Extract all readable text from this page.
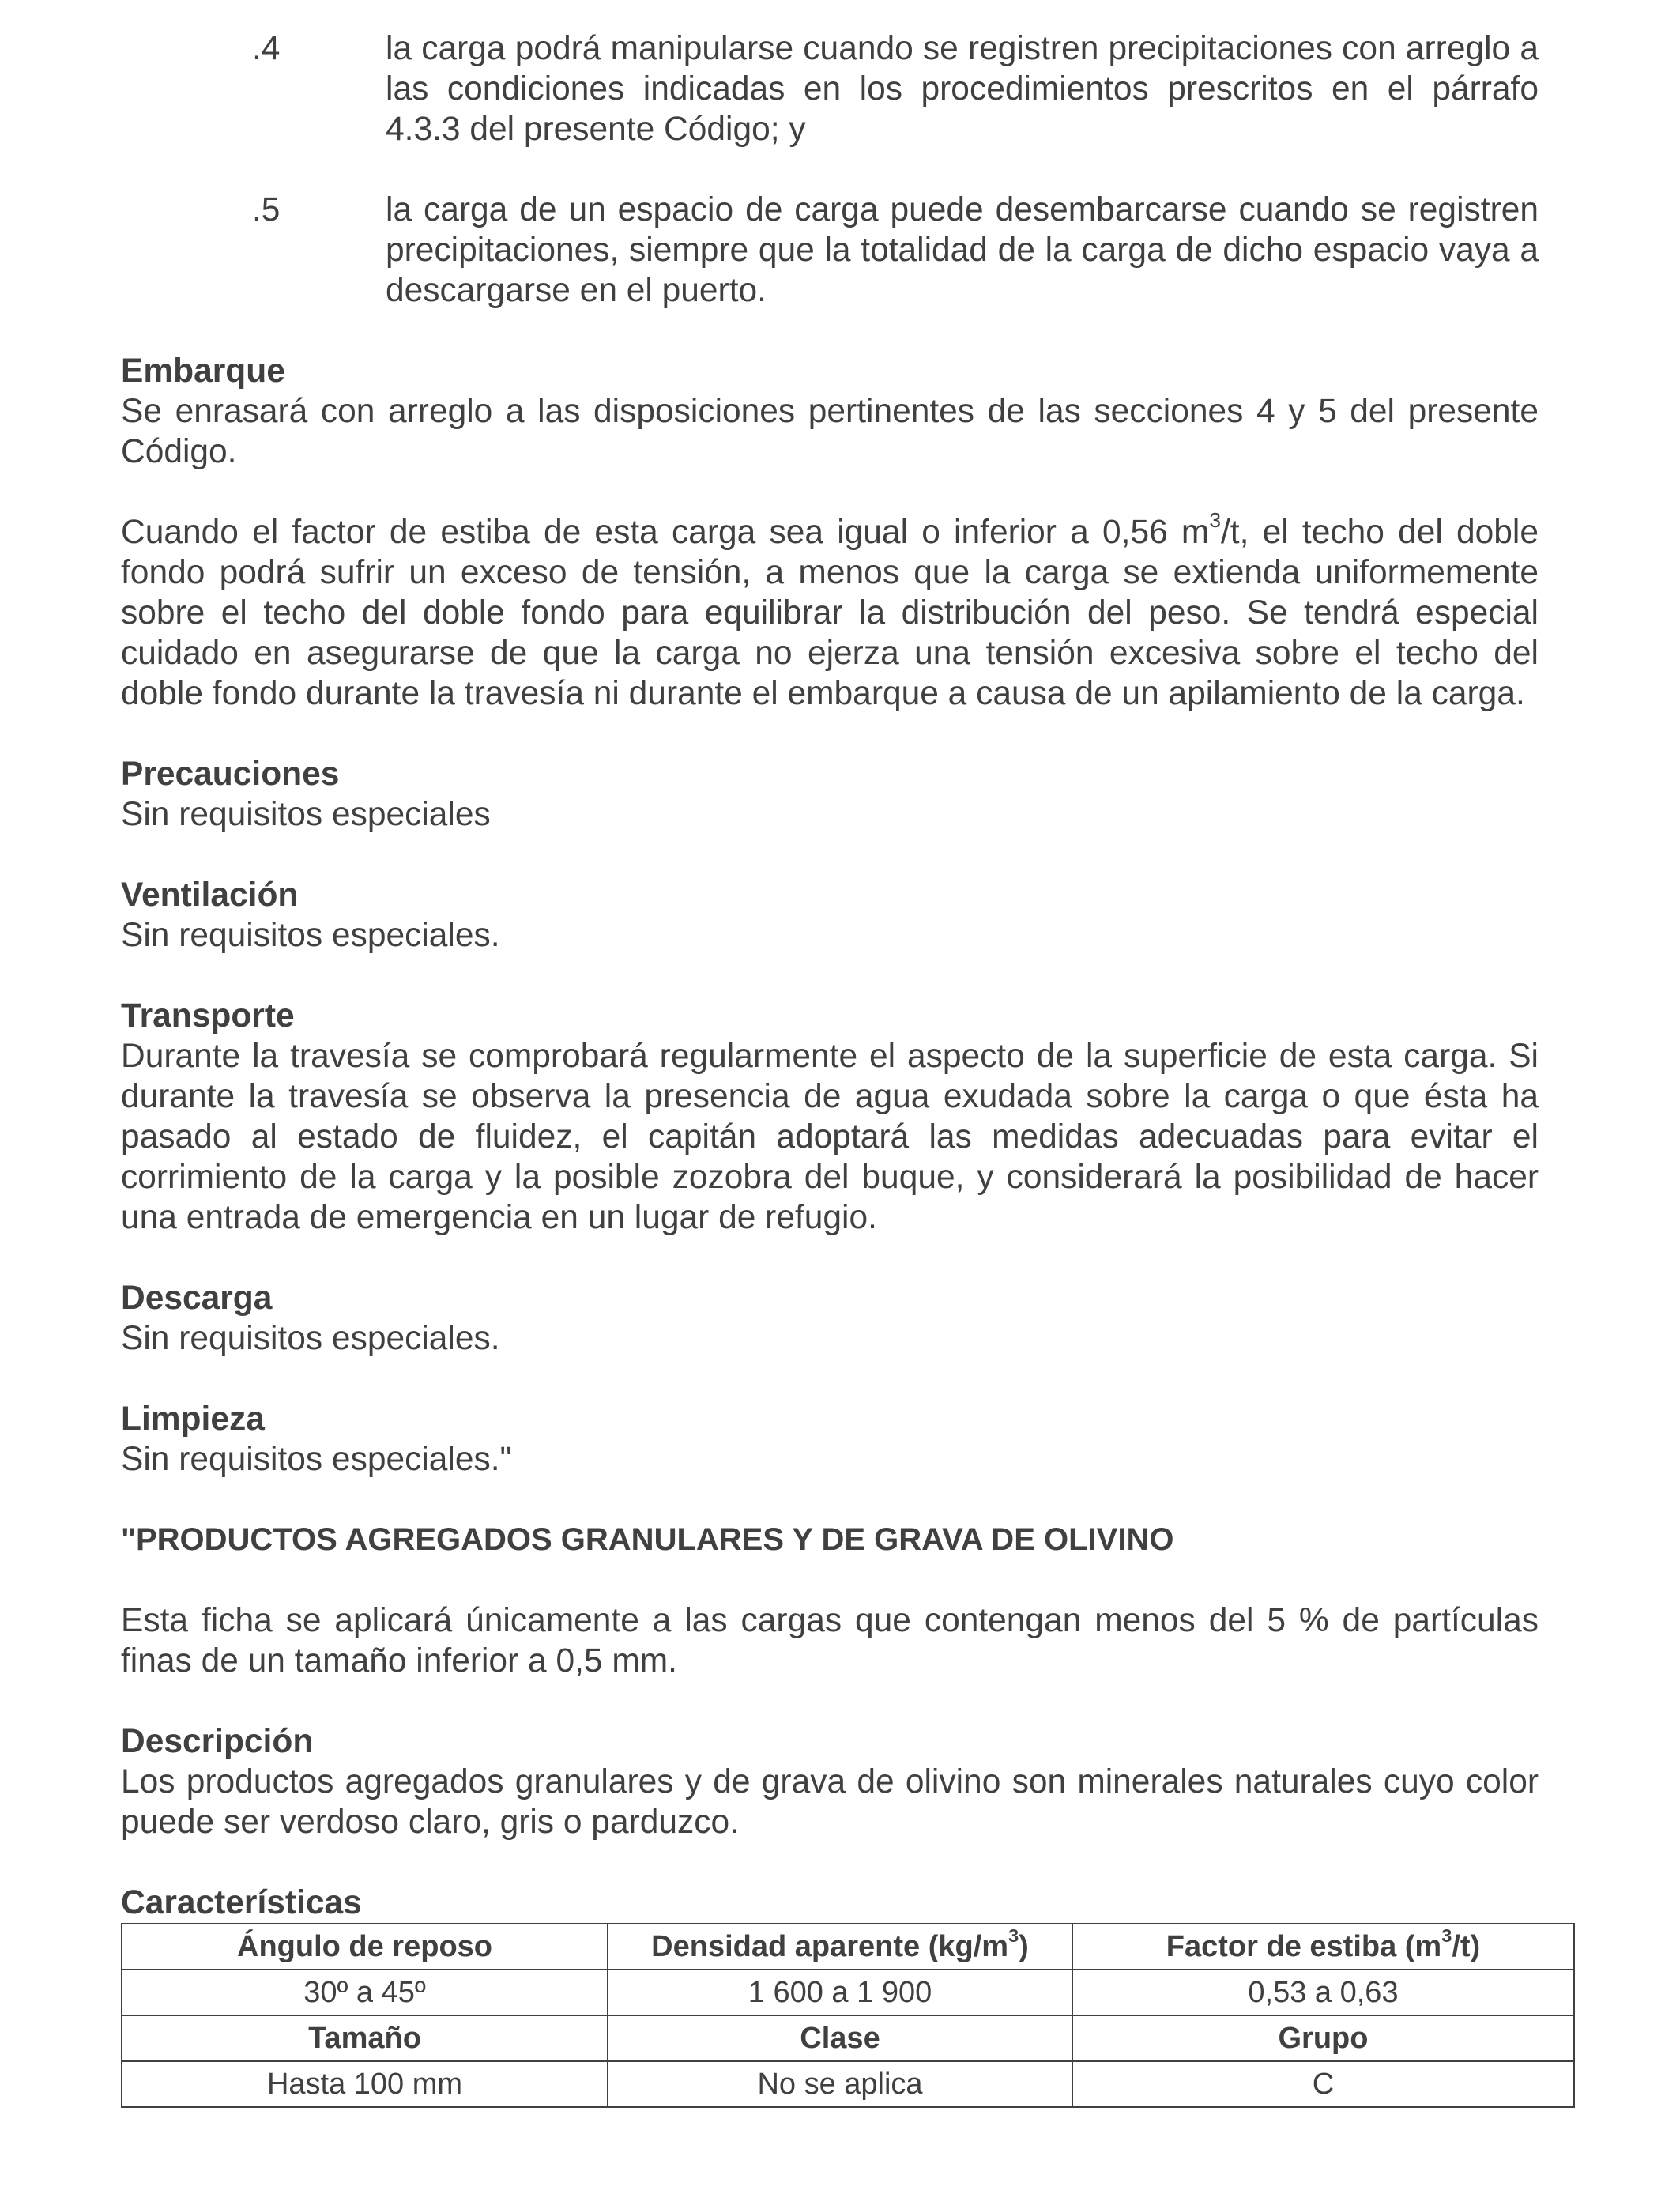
.4	la carga podrá manipularse cuando se registren precipitaciones con arreglo a las condiciones indicadas en los procedimientos prescritos en el párrafo 4.3.3 del presente Código; y
.5	la carga de un espacio de carga puede desembarcarse cuando se registren precipitaciones, siempre que la totalidad de la carga de dicho espacio vaya a descargarse en el puerto.

Embarque

Se enrasará con arreglo a las disposiciones pertinentes de las secciones 4 y 5 del presente Código.

Cuando el factor de estiba de esta carga sea igual o inferior a 0,56 $m^3/t$, el techo del doble fondo podrá sufrir un exceso de tensión, a menos que la carga se extienda uniformemente sobre el techo del doble fondo para equilibrar la distribución del peso. Se tendrá especial cuidado en asegurarse de que la carga no ejerza una tensión excesiva sobre el techo del doble fondo durante la travesía ni durante el embarque a causa de un apilamiento de la carga.

Precauciones

Sin requisitos especiales

Ventilación

Sin requisitos especiales.

Transporte

Durante la travesía se comprobará regularmente el aspecto de la superficie de esta carga. Si durante la travesía se observa la presencia de agua exudada sobre la carga o que ésta ha pasado al estado de fluidez, el capitán adoptará las medidas adecuadas para evitar el corrimiento de la carga y la posible zozobra del buque, y considerará la posibilidad de hacer una entrada de emergencia en un lugar de refugio.

Descarga

Sin requisitos especiales.

Limpieza

Sin requisitos especiales."

"PRODUCTOS AGREGADOS GRANULARES Y DE GRAVA DE OLIVINO

Esta ficha se aplicará únicamente a las cargas que contengan menos del 5 % de partículas finas de un tamaño inferior a 0,5 mm.

Descripción

Los productos agregados granulares y de grava de olivino son minerales naturales cuyo color puede ser verdoso claro, gris o parduzco.

Características

Ángulo de reposo	Densidad aparente $(kg/m^3)$	Factor de estiba $(m^3/t)$
30º a 45º	1 600 a 1 900	0,53 a 0,63
Tamaño	Clase	Grupo
Hasta 100 mm	No se aplica	C
